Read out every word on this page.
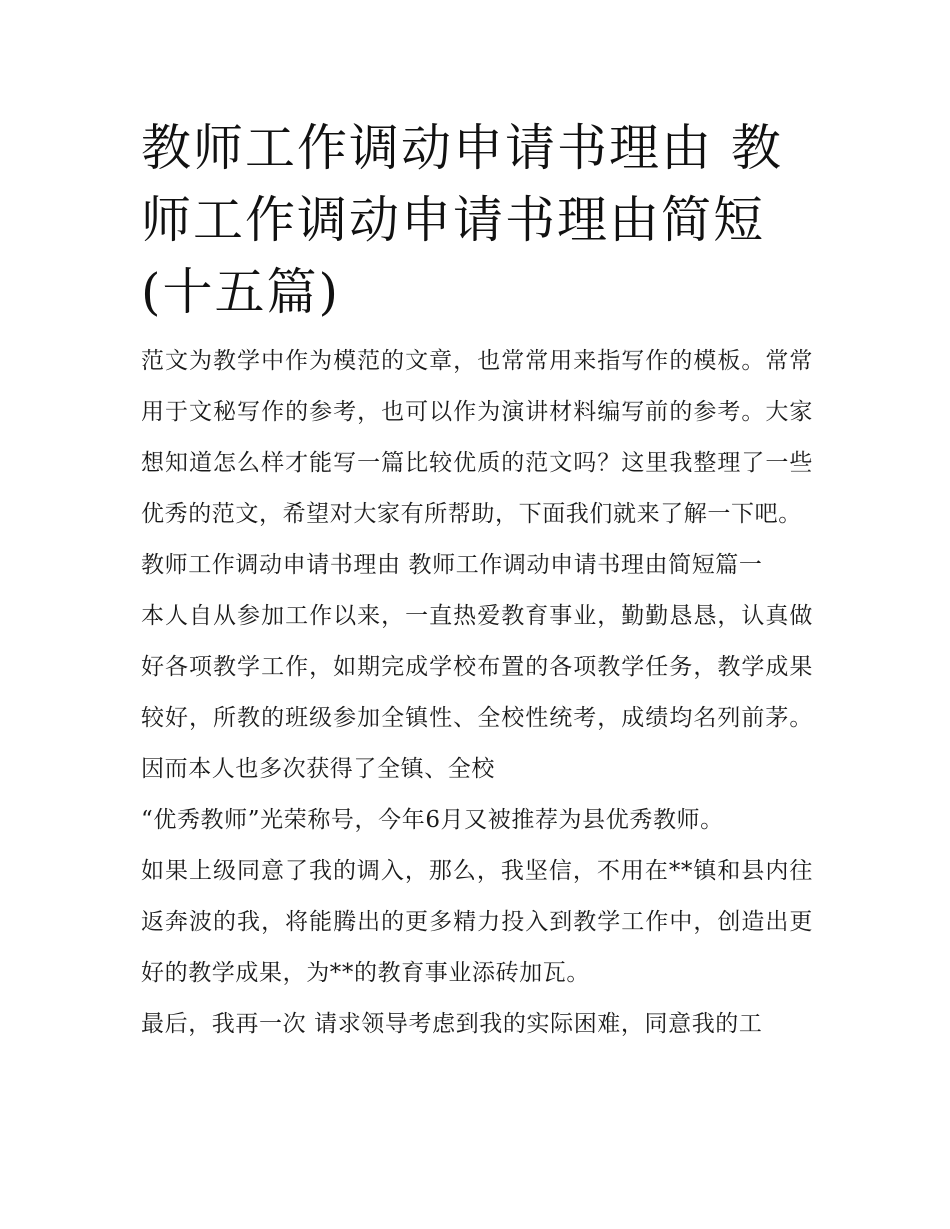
教师工作调动申请书理由 教师工作调动申请书理由简短(十五篇)

范文为教学中作为模范的文章，也常常用来指写作的模板。常常用于文秘写作的参考，也可以作为演讲材料编写前的参考。大家想知道怎么样才能写一篇比较优质的范文吗？这里我整理了一些优秀的范文，希望对大家有所帮助，下面我们就来了解一下吧。

教师工作调动申请书理由 教师工作调动申请书理由简短篇一

本人自从参加工作以来，一直热爱教育事业，勤勤恳恳，认真做好各项教学工作，如期完成学校布置的各项教学任务，教学成果较好，所教的班级参加全镇性、全校性统考，成绩均名列前茅。因而本人也多次获得了全镇、全校

“优秀教师”光荣称号，今年6月又被推荐为县优秀教师。

如果上级同意了我的调入，那么，我坚信，不用在**镇和县内往返奔波的我，将能腾出的更多精力投入到教学工作中，创造出更好的教学成果，为**的教育事业添砖加瓦。

最后，我再一次 请求领导考虑到我的实际困难，同意我的工
